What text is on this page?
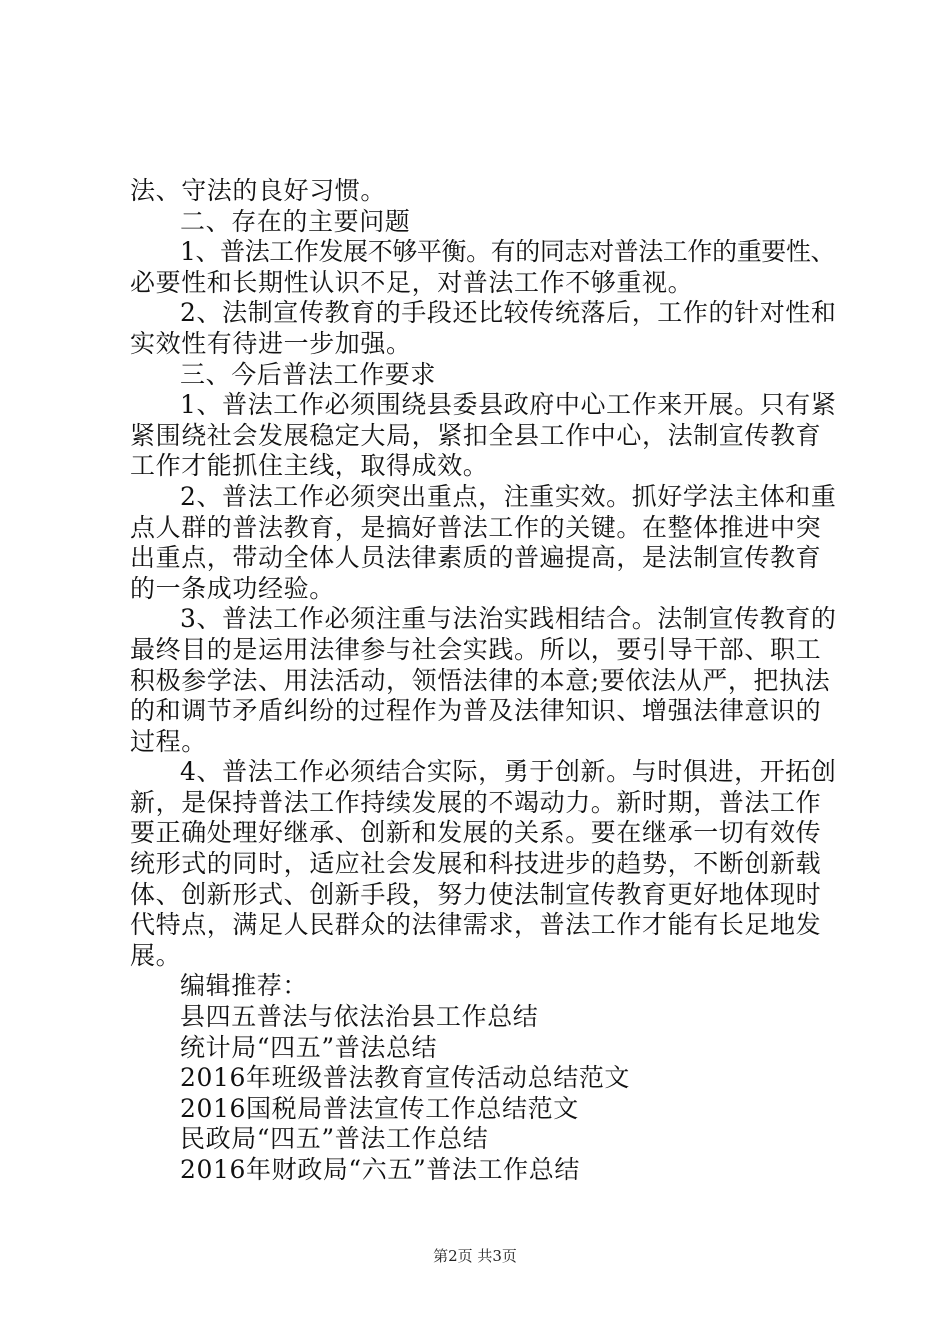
法、守法的良好习惯。
二、存在的主要问题
1、普法工作发展不够平衡。有的同志对普法工作的重要性、
必要性和长期性认识不足，对普法工作不够重视。
2、法制宣传教育的手段还比较传统落后，工作的针对性和
实效性有待进一步加强。
三、今后普法工作要求
1、普法工作必须围绕县委县政府中心工作来开展。只有紧
紧围绕社会发展稳定大局，紧扣全县工作中心，法制宣传教育
工作才能抓住主线，取得成效。
2、普法工作必须突出重点，注重实效。抓好学法主体和重
点人群的普法教育，是搞好普法工作的关键。在整体推进中突
出重点，带动全体人员法律素质的普遍提高，是法制宣传教育
的一条成功经验。
3、普法工作必须注重与法治实践相结合。法制宣传教育的
最终目的是运用法律参与社会实践。所以，要引导干部、职工
积极参学法、用法活动，领悟法律的本意;要依法从严，把执法
的和调节矛盾纠纷的过程作为普及法律知识、增强法律意识的
过程。
4、普法工作必须结合实际，勇于创新。与时俱进，开拓创
新，是保持普法工作持续发展的不竭动力。新时期，普法工作
要正确处理好继承、创新和发展的关系。要在继承一切有效传
统形式的同时，适应社会发展和科技进步的趋势，不断创新载
体、创新形式、创新手段，努力使法制宣传教育更好地体现时
代特点，满足人民群众的法律需求，普法工作才能有长足地发
展。
编辑推荐：
县四五普法与依法治县工作总结
统计局“四五”普法总结
2016年班级普法教育宣传活动总结范文
2016国税局普法宣传工作总结范文
民政局“四五”普法工作总结
2016年财政局“六五”普法工作总结
第2页 共3页
